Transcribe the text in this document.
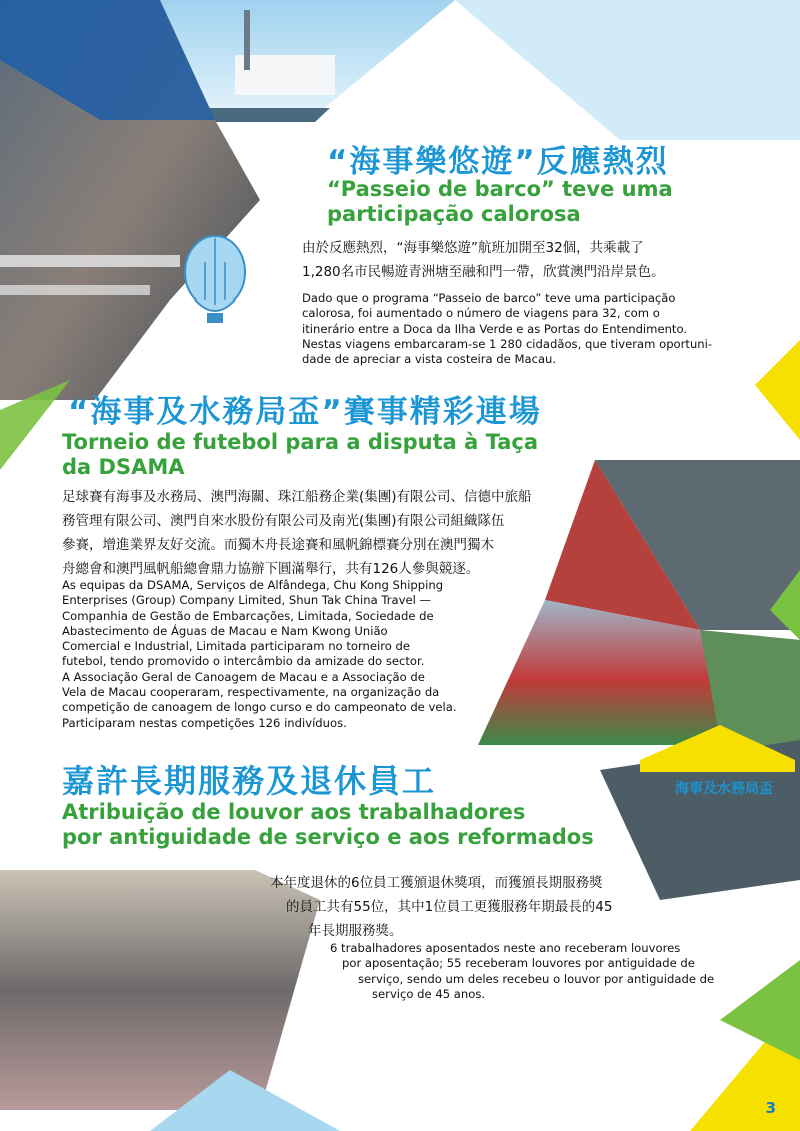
海事及水務局盃
“海事樂悠遊”反應熱烈
“Passeio de barco” teve uma
participação calorosa
由於反應熱烈，“海事樂悠遊”航班加開至32個，共乘載了
1,280名市民暢遊青洲塘至融和門一帶，欣賞澳門沿岸景色。
Dado que o programa “Passeio de barco” teve uma participação
calorosa, foi aumentado o número de viagens para 32, com o
itinerário entre a Doca da Ilha Verde e as Portas do Entendimento.
Nestas viagens embarcaram-se 1 280 cidadãos, que tiveram oportuni-
dade de apreciar a vista costeira de Macau.
“海事及水務局盃”賽事精彩連場
Torneio de futebol para a disputa à Taça
da DSAMA
足球賽有海事及水務局、澳門海關、珠江船務企業(集團)有限公司、信德中旅船
務管理有限公司、澳門自來水股份有限公司及南光(集團)有限公司組織隊伍
參賽，增進業界友好交流。而獨木舟長途賽和風帆錦標賽分別在澳門獨木
舟總會和澳門風帆船總會鼎力協辦下圓滿舉行，共有126人參與競逐。
As equipas da DSAMA, Serviços de Alfândega, Chu Kong Shipping
Enterprises (Group) Company Limited, Shun Tak China Travel —
Companhia de Gestão de Embarcações, Limitada, Sociedade de
Abastecimento de Águas de Macau e Nam Kwong União
Comercial e Industrial, Limitada participaram no torneiro de
futebol, tendo promovido o intercâmbio da amizade do sector.
A Associação Geral de Canoagem de Macau e a Associação de
Vela de Macau cooperaram, respectivamente, na organização da
competição de canoagem de longo curso e do campeonato de vela.
Participaram nestas competições 126 indivíduos.
嘉許長期服務及退休員工
Atribuição de louvor aos trabalhadores
por antiguidade de serviço e aos reformados
本年度退休的6位員工獲頒退休獎項，而獲頒長期服務獎
的員工共有55位，其中1位員工更獲服務年期最長的45
年長期服務獎。
6 trabalhadores aposentados neste ano receberam louvores
por aposentação; 55 receberam louvores por antiguidade de
serviço, sendo um deles recebeu o louvor por antiguidade de
serviço de 45 anos.
3
